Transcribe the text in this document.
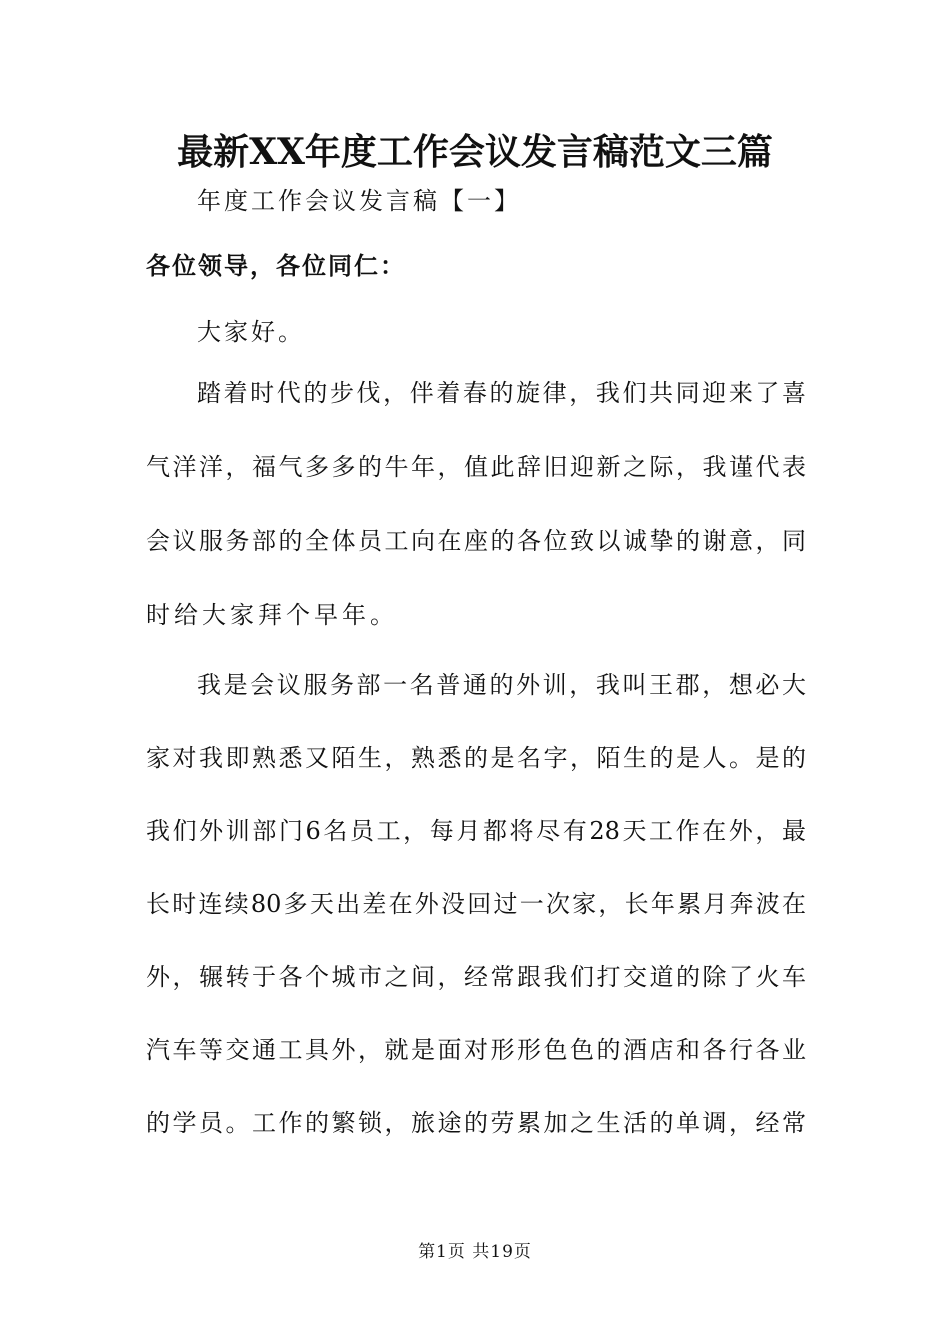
最新XX年度工作会议发言稿范文三篇
年度工作会议发言稿【一】
各位领导，各位同仁：
大家好。
踏着时代的步伐，伴着春的旋律，我们共同迎来了喜
气洋洋，福气多多的牛年，值此辞旧迎新之际，我谨代表
会议服务部的全体员工向在座的各位致以诚挚的谢意，同
时给大家拜个早年。
我是会议服务部一名普通的外训，我叫王郡，想必大
家对我即熟悉又陌生，熟悉的是名字，陌生的是人。是的
我们外训部门6名员工，每月都将尽有28天工作在外，最
长时连续80多天出差在外没回过一次家，长年累月奔波在
外，辗转于各个城市之间，经常跟我们打交道的除了火车
汽车等交通工具外，就是面对形形色色的酒店和各行各业
的学员。工作的繁锁，旅途的劳累加之生活的单调，经常
第1页 共19页
